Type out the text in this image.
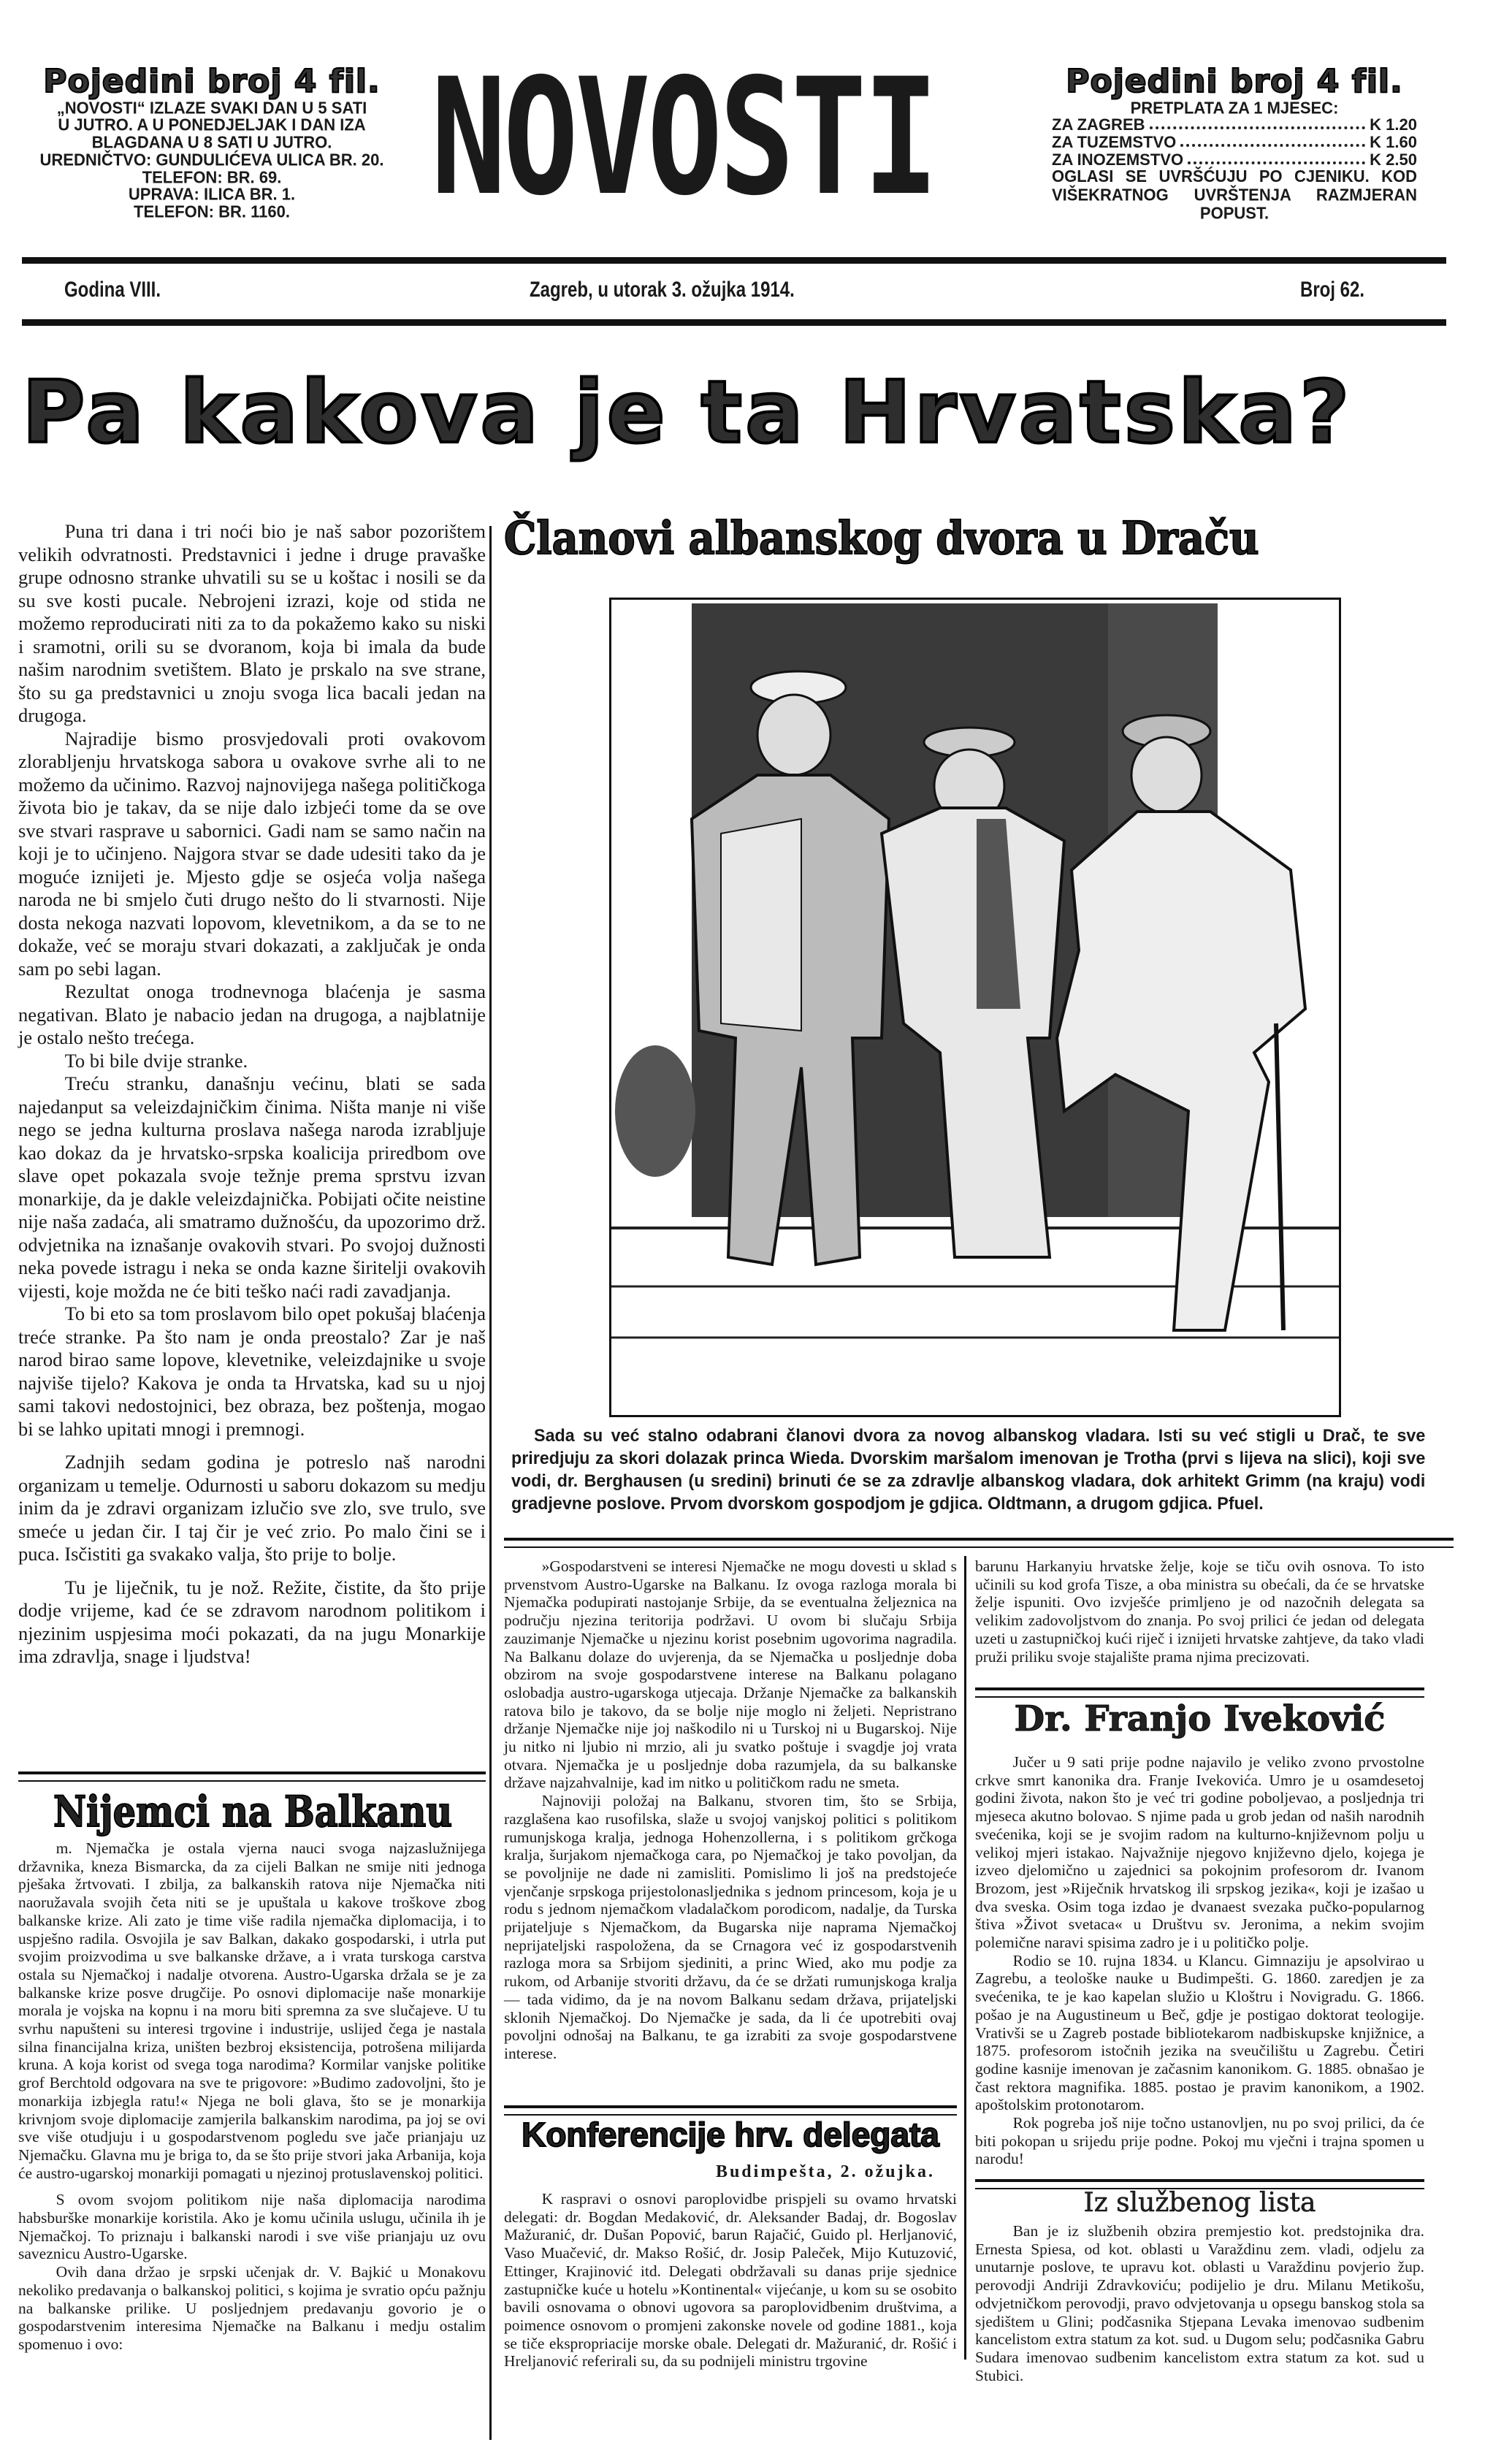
Pojedini broj 4 fil.
„NOVOSTI“ IZLAZE SVAKI DAN U 5 SATI
U JUTRO. A U PONEDJELJAK I DAN IZA
BLAGDANA U 8 SATI U JUTRO.
UREDNIČTVO: GUNDULIĆEVA ULICA BR. 20.
TELEFON: BR. 69.
UPRAVA: ILICA BR. 1.
TELEFON: BR. 1160. NOVOSTI	Pojedini broj 4 fil.
PRETPLATA ZA 1 MJESEC:
ZA ZAGREB	K 1.20
ZA TUZEMSTVO	K 1.60
ZA INOZEMSTVO	K 2.50
OGLASI SE UVRŠĆUJU PO CJENIKU. KOD VIŠEKRATNOG UVRŠTENJA RAZMJERAN POPUST.
Godina VIII.	Zagreb, u utorak 3. ožujka 1914.	Broj 62.
Pa kakova je ta Hrvatska?

Puna tri dana i tri noći bio je naš sabor pozorištem velikih odvratnosti. Predstavnici i jedne i druge pravaške grupe odnosno stranke uhvatili su se u koštac i nosili se da su sve kosti pucale. Nebrojeni izrazi, koje od stida ne možemo reproducirati niti za to da pokažemo kako su niski i sramotni, orili su se dvoranom, koja bi imala da bude našim narodnim svetištem. Blato je prskalo na sve strane, što su ga predstavnici u znoju svoga lica bacali jedan na drugoga.

Najradije bismo prosvjedovali proti ovakovom zlorabljenju hrvatskoga sabora u ovakove svrhe ali to ne možemo da učinimo. Razvoj najnovijega našega političkoga života bio je takav, da se nije dalo izbjeći tome da se ove sve stvari rasprave u sabornici. Gadi nam se samo način na koji je to učinjeno. Najgora stvar se dade udesiti tako da je moguće iznijeti je. Mjesto gdje se osjeća volja našega naroda ne bi smjelo čuti drugo nešto do li stvarnosti. Nije dosta nekoga nazvati lopovom, klevetnikom, a da se to ne dokaže, već se moraju stvari dokazati, a zaključak je onda sam po sebi lagan.

Rezultat onoga trodnevnoga blaćenja je sasma negativan. Blato je nabacio jedan na drugoga, a najblatnije je ostalo nešto trećega.

To bi bile dvije stranke.

Treću stranku, današnju većinu, blati se sada najedanput sa veleizdajničkim činima. Ništa manje ni više nego se jedna kulturna proslava našega naroda izrabljuje kao dokaz da je hrvatsko-srpska koalicija priredbom ove slave opet pokazala svoje težnje prema sprstvu izvan monarkije, da je dakle veleizdajnička. Pobijati očite neistine nije naša zadaća, ali smatramo dužnošću, da upozorimo drž. odvjetnika na iznašanje ovakovih stvari. Po svojoj dužnosti neka povede istragu i neka se onda kazne širitelji ovakovih vijesti, koje možda ne će biti teško naći radi zavadjanja.

To bi eto sa tom proslavom bilo opet pokušaj blaćenja treće stranke. Pa što nam je onda preostalo? Zar je naš narod birao same lopove, klevetnike, veleizdajnike u svoje najviše tijelo? Kakova je onda ta Hrvatska, kad su u njoj sami takovi nedostojnici, bez obraza, bez poštenja, mogao bi se lahko upitati mnogi i premnogi.

Zadnjih sedam godina je potreslo naš narodni organizam u temelje. Odurnosti u saboru dokazom su medju inim da je zdravi organizam izlučio sve zlo, sve trulo, sve smeće u jedan čir. I taj čir je već zrio. Po malo čini se i puca. Isčistiti ga svakako valja, što prije to bolje.

Tu je liječnik, tu je nož. Režite, čistite, da što prije dodje vrijeme, kad će se zdravom narodnom politikom i njezinim uspjesima moći pokazati, da na jugu Monarkije ima zdravlja, snage i ljudstva!

Nijemci na Balkanu

m. Njemačka je ostala vjerna nauci svoga najzaslužnijega državnika, kneza Bismarcka, da za cijeli Balkan ne smije niti jednoga pješaka žrtvovati. I zbilja, za balkanskih ratova nije Njemačka niti naoružavala svojih četa niti se je upuštala u kakove troškove zbog balkanske krize. Ali zato je time više radila njemačka diplomacija, i to uspješno radila. Osvojila je sav Balkan, dakako gospodarski, i utrla put svojim proizvodima u sve balkanske države, a i vrata turskoga carstva ostala su Njemačkoj i nadalje otvorena. Austro-Ugarska držala se je za balkanske krize posve drugčije. Po osnovi diplomacije naše monarkije morala je vojska na kopnu i na moru biti spremna za sve slučajeve. U tu svrhu napušteni su interesi trgovine i industrije, uslijed čega je nastala silna financijalna kriza, uništen bezbroj eksistencija, potrošena milijarda kruna. A koja korist od svega toga narodima? Kormilar vanjske politike grof Berchtold odgovara na sve te prigovore: »Budimo zadovoljni, što je monarkija izbjegla ratu!« Njega ne boli glava, što se je monarkija krivnjom svoje diplomacije zamjerila balkanskim narodima, pa joj se ovi sve više otudjuju i u gospodarstvenom pogledu sve jače prianjaju uz Njemačku. Glavna mu je briga to, da se što prije stvori jaka Arbanija, koja će austro-ugarskoj monarkiji pomagati u njezinoj protuslavenskoj politici.

S ovom svojom politikom nije naša diplomacija narodima habsburške monarkije koristila. Ako je komu učinila uslugu, učinila ih je Njemačkoj. To priznaju i balkanski narodi i sve više prianjaju uz ovu saveznicu Austro-Ugarske.

Ovih dana držao je srpski učenjak dr. V. Bajkić u Monakovu nekoliko predavanja o balkanskoj politici, s kojima je svratio opću pažnju na balkanske prilike. U posljednjem predavanju govorio je o gospodarstvenim interesima Njemačke na Balkanu i medju ostalim spomenuo i ovo:

Članovi albanskog dvora u Draču
Sada su već stalno odabrani članovi dvora za novog albanskog vladara. Isti su već stigli u Drač, te sve priredjuju za skori dolazak princa Wieda. Dvorskim maršalom imenovan je Trotha (prvi s lijeva na slici), koji sve vodi, dr. Berghausen (u sredini) brinuti će se za zdravlje albanskog vladara, dok arhitekt Grimm (na kraju) vodi gradjevne poslove. Prvom dvorskom gospodjom je gdjica. Oldtmann, a drugom gdjica. Pfuel.

»Gospodarstveni se interesi Njemačke ne mogu dovesti u sklad s prvenstvom Austro-Ugarske na Balkanu. Iz ovoga razloga morala bi Njemačka podupirati nastojanje Srbije, da se eventualna željeznica na području njezina teritorija podržavi. U ovom bi slučaju Srbija zauzimanje Njemačke u njezinu korist posebnim ugovorima nagradila. Na Balkanu dolaze do uvjerenja, da se Njemačka u posljednje doba obzirom na svoje gospodarstvene interese na Balkanu polagano oslobadja austro-ugarskoga utjecaja. Držanje Njemačke za balkanskih ratova bilo je takovo, da se bolje nije moglo ni željeti. Nepristrano držanje Njemačke nije joj naškodilo ni u Turskoj ni u Bugarskoj. Nije ju nitko ni ljubio ni mrzio, ali ju svatko poštuje i svagdje joj vrata otvara. Njemačka je u posljednje doba razumjela, da su balkanske države najzahvalnije, kad im nitko u političkom radu ne smeta.

Najnoviji položaj na Balkanu, stvoren tim, što se Srbija, razglašena kao rusofilska, slaže u svojoj vanjskoj politici s politikom rumunjskoga kralja, jednoga Hohenzollerna, i s politikom grčkoga kralja, šurjakom njemačkoga cara, po Njemačkoj je tako povoljan, da se povoljnije ne dade ni zamisliti. Pomislimo li još na predstojeće vjenčanje srpskoga prijestolonasljednika s jednom princesom, koja je u rodu s jednom njemačkom vladalačkom porodicom, nadalje, da Turska prijateljuje s Njemačkom, da Bugarska nije naprama Njemačkoj neprijateljski raspoložena, da se Crnagora već iz gospodarstvenih razloga mora sa Srbijom sjediniti, a princ Wied, ako mu podje za rukom, od Arbanije stvoriti državu, da će se držati rumunjskoga kralja — tada vidimo, da je na novom Balkanu sedam država, prijateljski sklonih Njemačkoj. Do Njemačke je sada, da li će upotrebiti ovaj povoljni odnošaj na Balkanu, te ga izrabiti za svoje gospodarstvene interese.

Konferencije hrv. delegata
Budimpešta, 2. ožujka.

K raspravi o osnovi paroplovidbe prispjeli su ovamo hrvatski delegati: dr. Bogdan Medaković, dr. Aleksander Badaj, dr. Bogoslav Mažuranić, dr. Dušan Popović, barun Rajačić, Guido pl. Herljanović, Vaso Muačević, dr. Makso Rošić, dr. Josip Paleček, Mijo Kutuzović, Ettinger, Krajinović itd. Delegati obdržavali su danas prije sjednice zastupničke kuće u hotelu »Kontinental« vijećanje, u kom su se osobito bavili osnovama o obnovi ugovora sa paroplovidbenim društvima, a poimence osnovom o promjeni zakonske novele od godine 1881., koja se tiče ekspropriacije morske obale. Delegati dr. Mažuranić, dr. Rošić i Hreljanović referirali su, da su podnijeli ministru trgovine

barunu Harkanyiu hrvatske želje, koje se tiču ovih osnova. To isto učinili su kod grofa Tisze, a oba ministra su obećali, da će se hrvatske želje ispuniti. Ovo izvješće primljeno je od nazočnih delegata sa velikim zadovoljstvom do znanja. Po svoj prilici će jedan od delegata uzeti u zastupničkoj kući riječ i iznijeti hrvatske zahtjeve, da tako vladi pruži priliku svoje stajalište prama njima precizovati.
Dr. Franjo Iveković

Jučer u 9 sati prije podne najavilo je veliko zvono prvostolne crkve smrt kanonika dra. Franje Ivekovića. Umro je u osamdesetoj godini života, nakon što je već tri godine poboljevao, a posljednja tri mjeseca akutno bolovao. S njime pada u grob jedan od naših narodnih svećenika, koji se je svojim radom na kulturno-književnom polju u velikoj mjeri istakao. Najvažnije njegovo književno djelo, kojega je izveo djelomično u zajednici sa pokojnim profesorom dr. Ivanom Brozom, jest »Riječnik hrvatskog ili srpskog jezika«, koji je izašao u dva sveska. Osim toga izdao je dvanaest svezaka pučko-popularnog štiva »Život svetaca« u Društvu sv. Jeronima, a nekim svojim polemične naravi spisima zadro je i u političko polje.

Rodio se 10. rujna 1834. u Klancu. Gimnaziju je apsolvirao u Zagrebu, a teološke nauke u Budimpešti. G. 1860. zaredjen je za svećenika, te je kao kapelan služio u Kloštru i Novigradu. G. 1866. pošao je na Augustineum u Beč, gdje je postigao doktorat teologije. Vrativši se u Zagreb postade bibliotekarom nadbiskupske knjižnice, a 1875. profesorom istočnih jezika na sveučilištu u Zagrebu. Četiri godine kasnije imenovan je začasnim kanonikom. G. 1885. obnašao je čast rektora magnifika. 1885. postao je pravim kanonikom, a 1902. apoštolskim protonotarom.

Rok pogreba još nije točno ustanovljen, nu po svoj prilici, da će biti pokopan u srijedu prije podne. Pokoj mu vječni i trajna spomen u narodu!

Iz službenog lista

Ban je iz službenih obzira premjestio kot. predstojnika dra. Ernesta Spiesa, od kot. oblasti u Varaždinu zem. vladi, odjelu za unutarnje poslove, te upravu kot. oblasti u Varaždinu povjerio žup. perovodji Andriji Zdravkoviću; podijelio je dru. Milanu Metikošu, odvjetničkom perovodji, pravo odvjetovanja u opsegu banskog stola sa sjedištem u Glini; podčasnika Stjepana Levaka imenovao sudbenim kancelistom extra statum za kot. sud. u Dugom selu; podčasnika Gabru Sudara imenovao sudbenim kancelistom extra statum za kot. sud u Stubici.
